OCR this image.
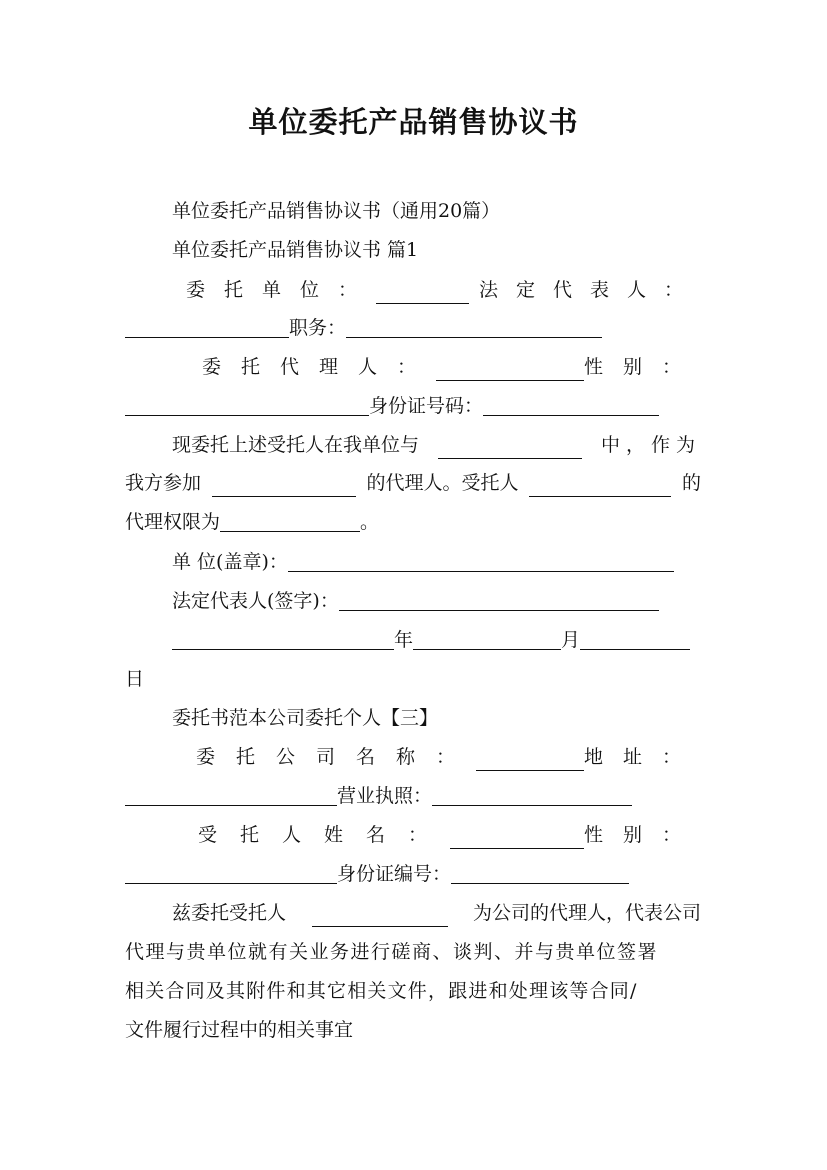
单位委托产品销售协议书
单位委托产品销售协议书（通用20篇）
单位委托产品销售协议书 篇1
委托单位：	法定代表人：
职务：
委托代理人：	性别：
身份证号码：
现委托上述受托人在我单位与	中，作为
我方参加	的代理人。受托人	的
代理权限为	。
单 位(盖章)：
法定代表人(签字)：
年	月
日
委托书范本公司委托个人【三】
委托公司名称：	地址：
营业执照：
受托人姓名：	性别：
身份证编号：
兹委托受托人	为公司的代理人，代表公司
代理与贵单位就有关业务进行磋商、谈判、并与贵单位签署
相关合同及其附件和其它相关文件，跟进和处理该等合同/
文件履行过程中的相关事宜
